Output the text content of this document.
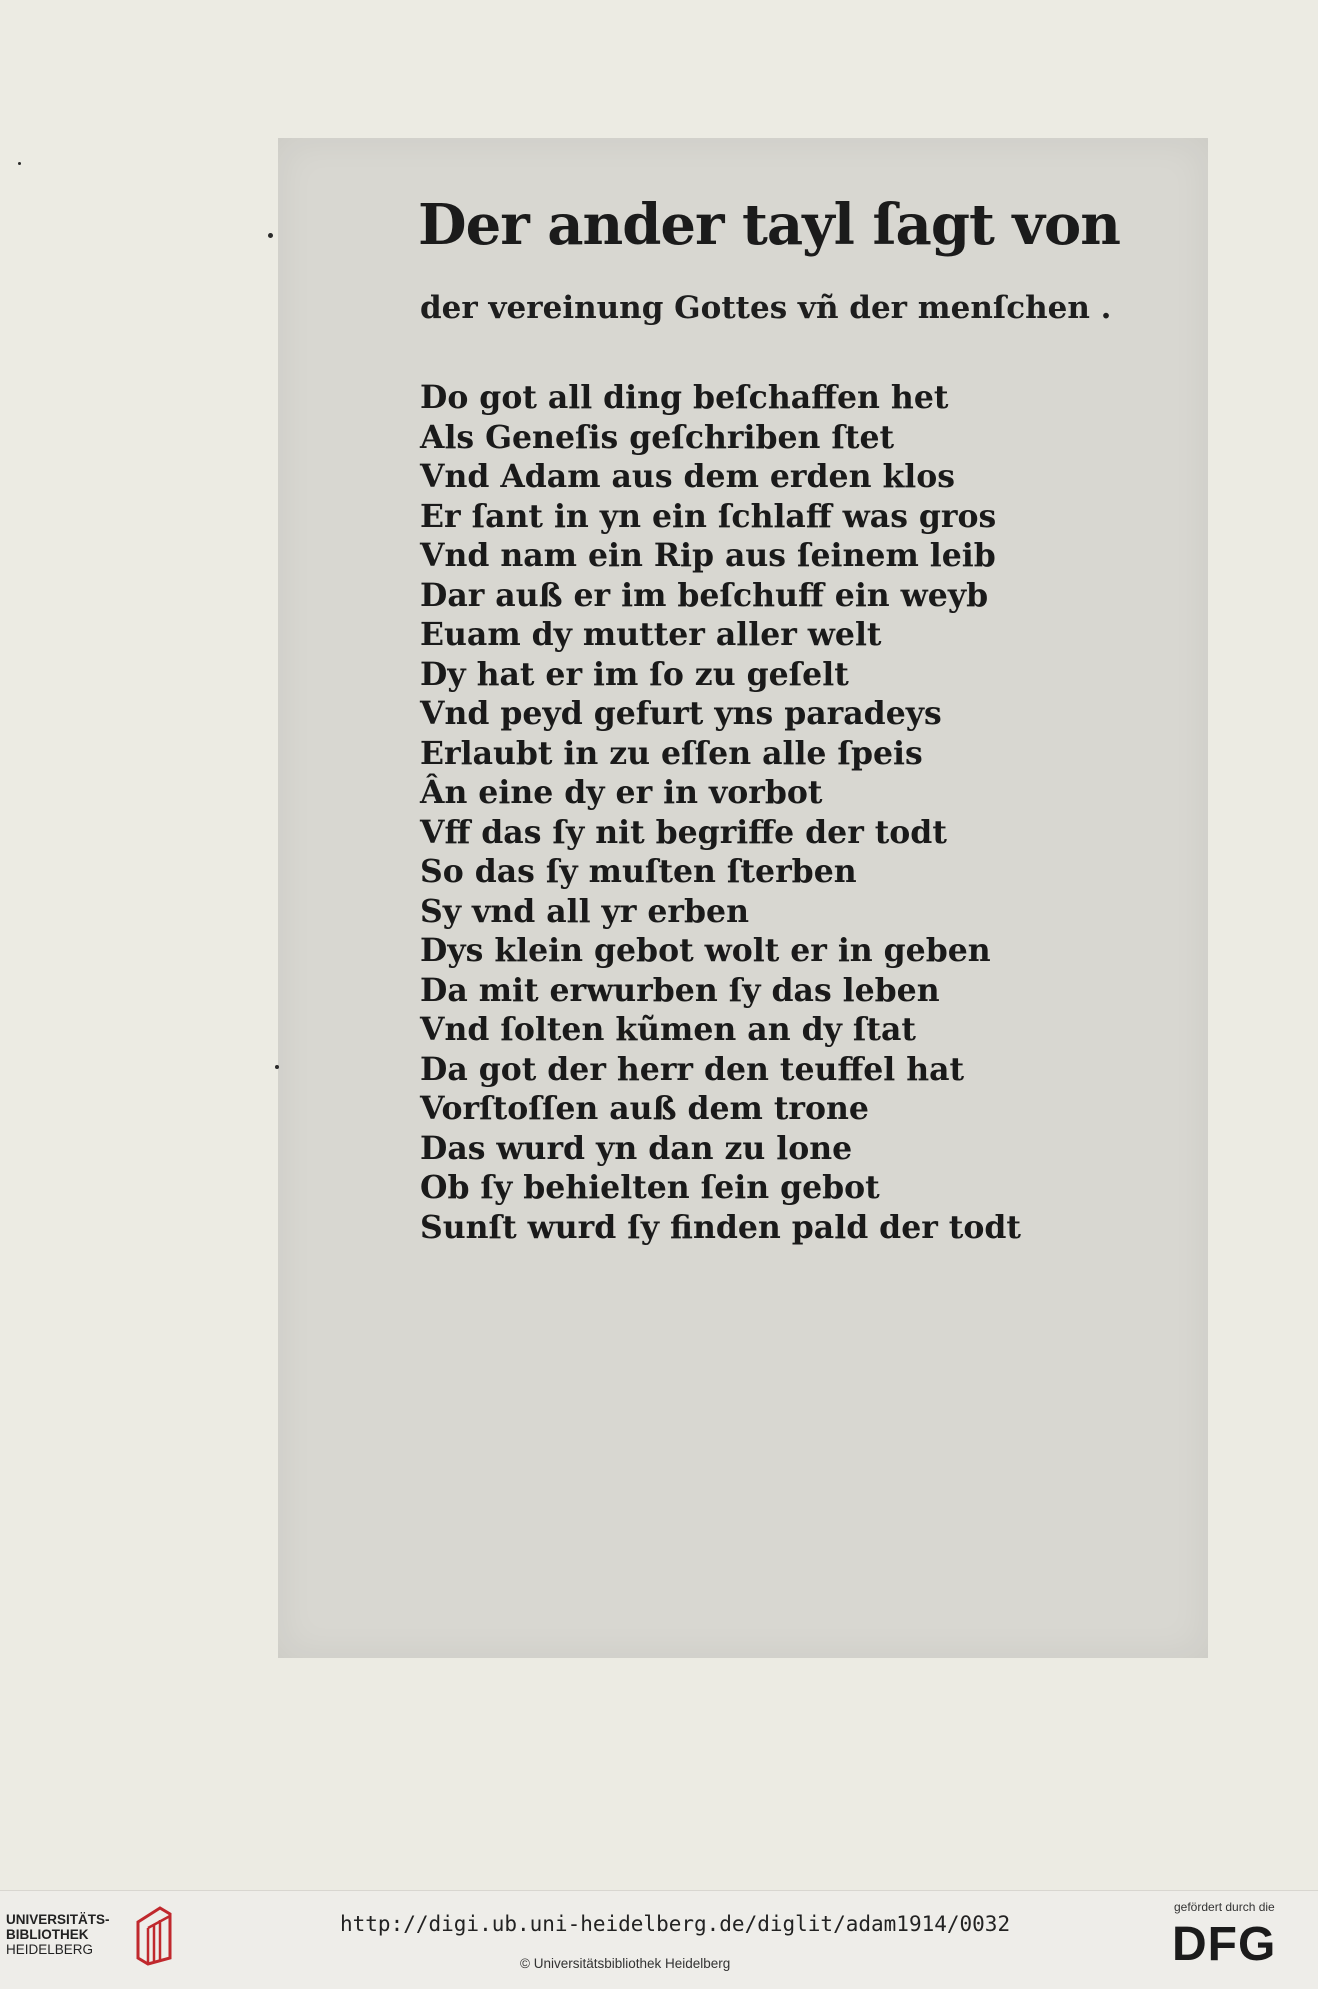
Der ander tayl ſagt von
der vereinung Gottes vñ der menſchen .
Do got all ding beſchaffen het
Als Geneſis geſchriben ſtet
Vnd Adam aus dem erden klos
Er ſant in yn ein ſchlaff was gros
Vnd nam ein Rip aus ſeinem leib
Dar auß er im beſchuff ein weyb
Euam dy mutter aller welt
Dy hat er im ſo zu geſelt
Vnd peyd gefurt yns paradeys
Erlaubt in zu eſſen alle ſpeis
Ân eine dy er in vorbot
Vff das ſy nit begriffe der todt
So das ſy muſten ſterben
Sy vnd all yr erben
Dys klein gebot wolt er in geben
Da mit erwurben ſy das leben
Vnd ſolten kũmen an dy ſtat
Da got der herr den teuffel hat
Vorſtoſſen auß dem trone
Das wurd yn dan zu lone
Ob ſy behielten ſein gebot
Sunſt wurd ſy finden pald der todt
UNIVERSITÄTS-
BIBLIOTHEK
HEIDELBERG
http://digi.ub.uni-heidelberg.de/diglit/adam1914/0032
© Universitätsbibliothek Heidelberg
gefördert durch die
DFG
